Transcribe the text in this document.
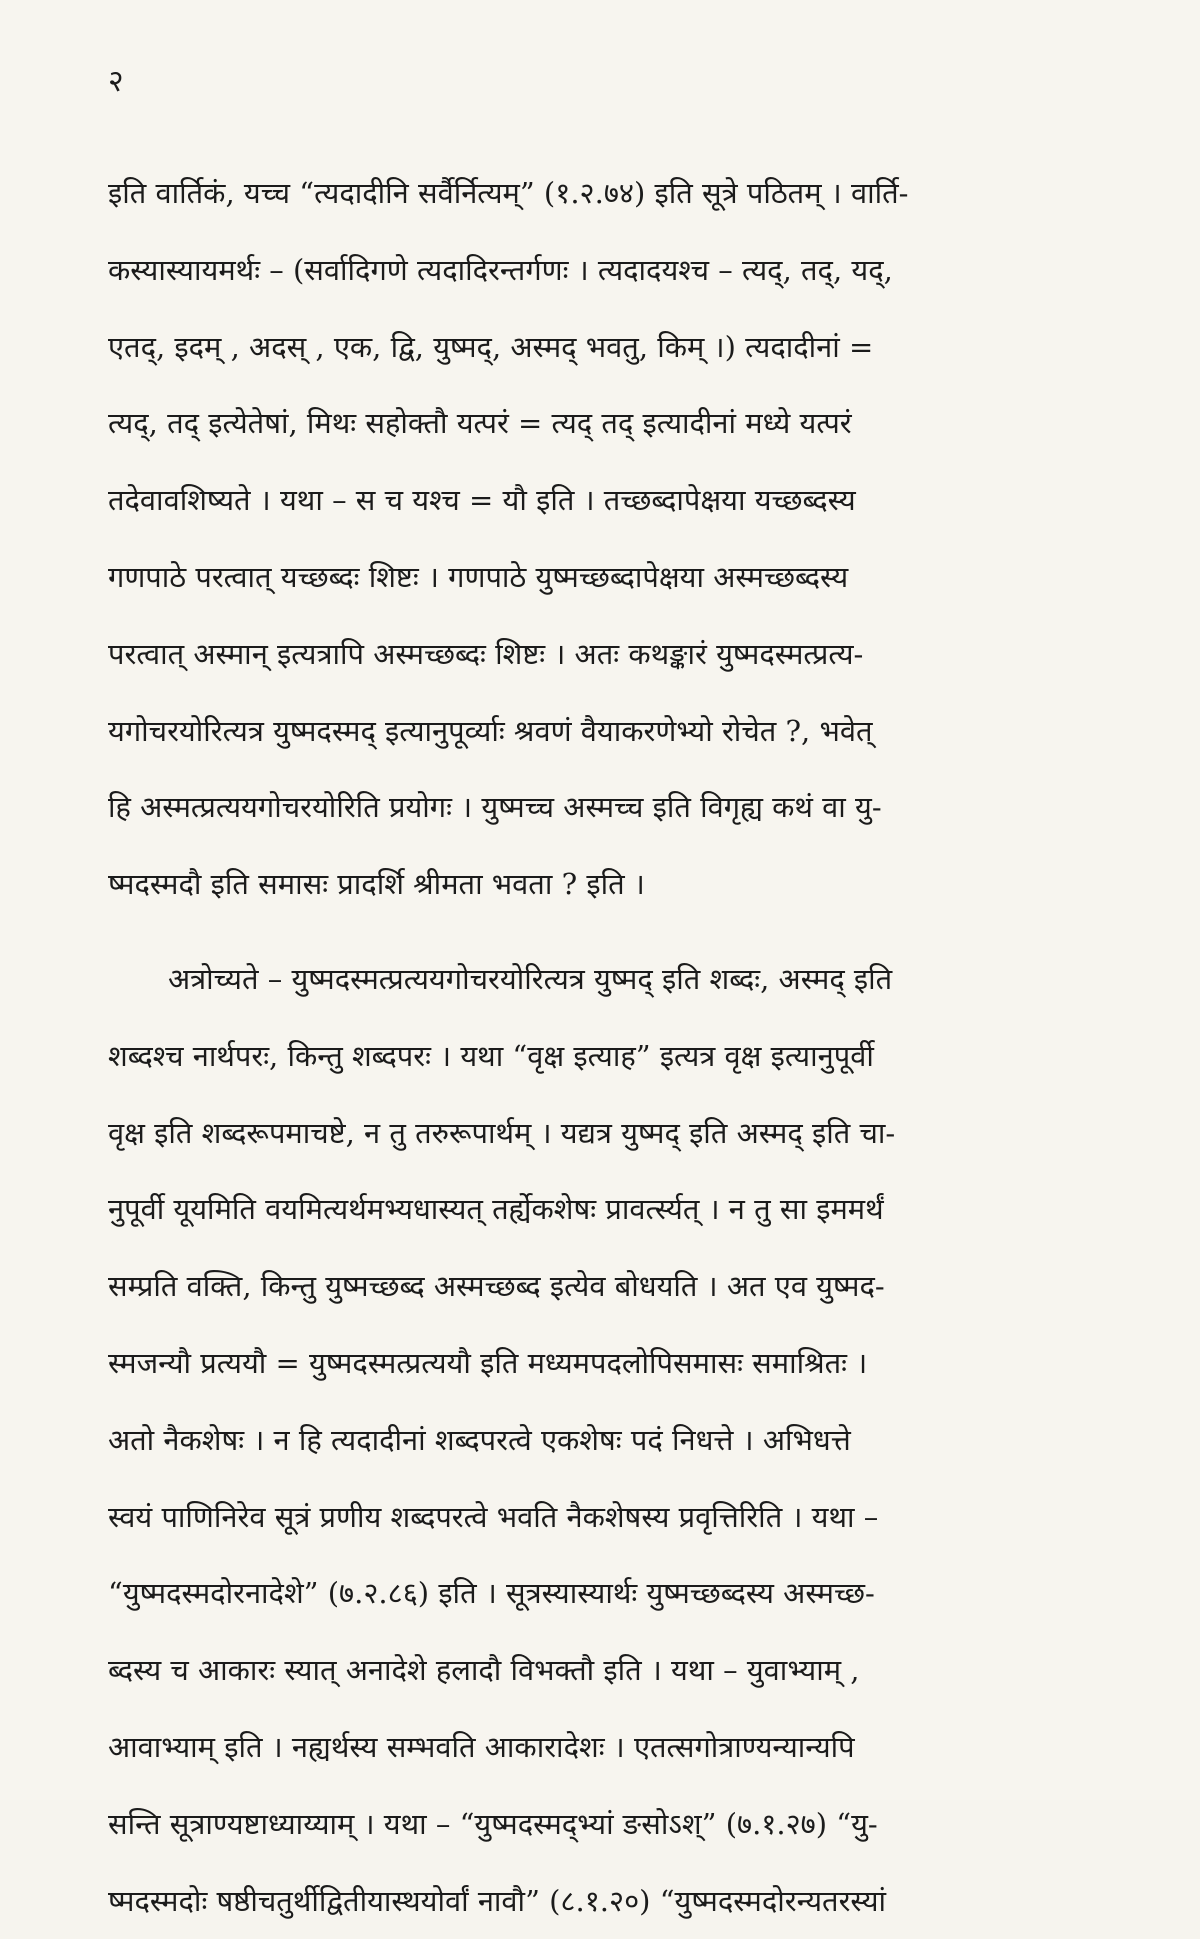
२
इति वार्तिकं, यच्च “त्यदादीनि सर्वैर्नित्यम्” (१.२.७४) इति सूत्रे पठितम् । वार्ति-
कस्यास्यायमर्थः – (सर्वादिगणे त्यदादिरन्तर्गणः । त्यदादयश्च – त्यद्, तद्, यद्,
एतद्, इदम् , अदस् , एक, द्वि, युष्मद्, अस्मद् भवतु, किम् ।) त्यदादीनां =
त्यद्, तद् इत्येतेषां, मिथः सहोक्तौ यत्परं = त्यद् तद् इत्यादीनां मध्ये यत्परं
तदेवावशिष्यते । यथा – स च यश्च = यौ इति । तच्छब्दापेक्षया यच्छब्दस्य
गणपाठे परत्वात् यच्छब्दः शिष्टः । गणपाठे युष्मच्छब्दापेक्षया अस्मच्छब्दस्य
परत्वात् अस्मान् इत्यत्रापि अस्मच्छब्दः शिष्टः । अतः कथङ्कारं युष्मदस्मत्प्रत्य-
यगोचरयोरित्यत्र युष्मदस्मद् इत्यानुपूर्व्याः श्रवणं वैयाकरणेभ्यो रोचेत ?, भवेत्
हि अस्मत्प्रत्ययगोचरयोरिति प्रयोगः । युष्मच्च अस्मच्च इति विगृह्य कथं वा यु-
ष्मदस्मदौ इति समासः प्रादर्शि श्रीमता भवता ? इति ।
अत्रोच्यते – युष्मदस्मत्प्रत्ययगोचरयोरित्यत्र युष्मद् इति शब्दः, अस्मद् इति
शब्दश्च नार्थपरः, किन्तु शब्दपरः । यथा “वृक्ष इत्याह” इत्यत्र वृक्ष इत्यानुपूर्वी
वृक्ष इति शब्दरूपमाचष्टे, न तु तरुरूपार्थम् । यद्यत्र युष्मद् इति अस्मद् इति चा-
नुपूर्वी यूयमिति वयमित्यर्थमभ्यधास्यत् तर्ह्येकशेषः प्रावर्त्स्यत् । न तु सा इममर्थं
सम्प्रति वक्ति, किन्तु युष्मच्छब्द अस्मच्छब्द इत्येव बोधयति । अत एव युष्मद-
स्मजन्यौ प्रत्ययौ = युष्मदस्मत्प्रत्ययौ इति मध्यमपदलोपिसमासः समाश्रितः ।
अतो नैकशेषः । न हि त्यदादीनां शब्दपरत्वे एकशेषः पदं निधत्ते । अभिधत्ते
स्वयं पाणिनिरेव सूत्रं प्रणीय शब्दपरत्वे भवति नैकशेषस्य प्रवृत्तिरिति । यथा –
“युष्मदस्मदोरनादेशे” (७.२.८६) इति । सूत्रस्यास्यार्थः युष्मच्छब्दस्य अस्मच्छ-
ब्दस्य च आकारः स्यात् अनादेशे हलादौ विभक्तौ इति । यथा – युवाभ्याम् ,
आवाभ्याम् इति । नह्यर्थस्य सम्भवति आकारादेशः । एतत्सगोत्राण्यन्यान्यपि
सन्ति सूत्राण्यष्टाध्याय्याम् । यथा – “युष्मदस्मद्भ्यां ङसोऽश्” (७.१.२७) “यु-
ष्मदस्मदोः षष्ठीचतुर्थीद्वितीयास्थयोर्वां नावौ” (८.१.२०) “युष्मदस्मदोरन्यतरस्यां
